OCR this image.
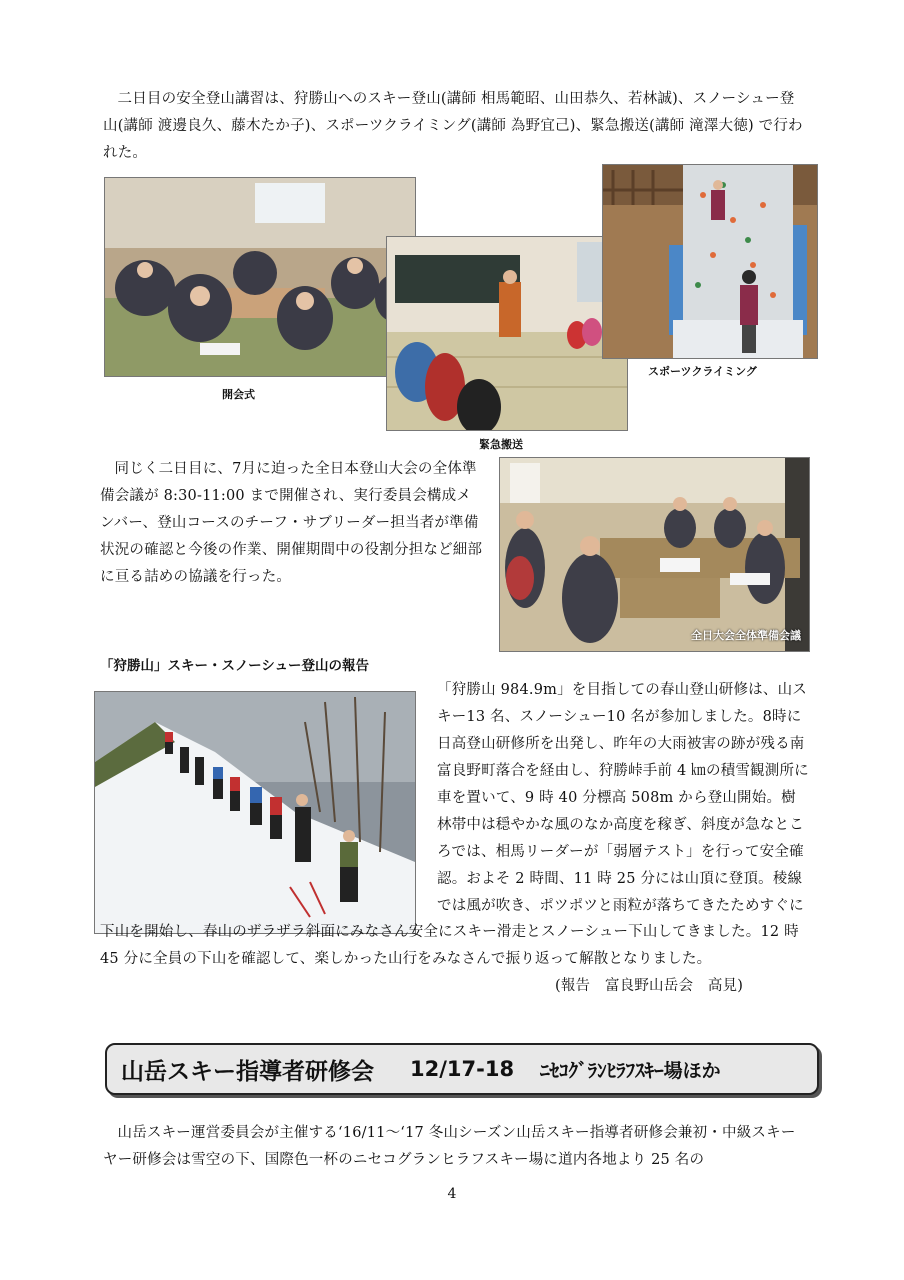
二日目の安全登山講習は、狩勝山へのスキー登山(講師 相馬範昭、山田恭久、若林誠)、スノーシュー登山(講師 渡邊良久、藤木たか子)、スポーツクライミング(講師 為野宜己)、緊急搬送(講師 滝澤大徳) で行われた。
開会式
緊急搬送
スポーツクライミング
同じく二日目に、7月に迫った全日本登山大会の全体準備会議が 8:30-11:00 まで開催され、実行委員会構成メンバー、登山コースのチーフ・サブリーダー担当者が準備状況の確認と今後の作業、開催期間中の役割分担など細部に亘る詰めの協議を行った。
全日大会全体準備会議
「狩勝山」スキー・スノーシュー登山の報告
「狩勝山 984.9m」を目指しての春山登山研修は、山スキー13 名、スノーシュー10 名が参加しました。8時に日高登山研修所を出発し、昨年の大雨被害の跡が残る南富良野町落合を経由し、狩勝峠手前 4 ㎞の積雪観測所に車を置いて、9 時 40 分標高 508m から登山開始。樹林帯中は穏やかな風のなか高度を稼ぎ、斜度が急なところでは、相馬リーダーが「弱層テスト」を行って安全確認。およそ 2 時間、11 時 25 分には山頂に登頂。稜線では風が吹き、ポツポツと雨粒が落ちてきたためすぐに
下山を開始し、春山のザラザラ斜面にみなさん安全にスキー滑走とスノーシュー下山してきました。12 時 45 分に全員の下山を確認して、楽しかった山行をみなさんで振り返って解散となりました。
(報告　富良野山岳会　高見)
山岳スキー指導者研修会 12/17-18 ﾆｾｺｸﾞﾗﾝﾋﾗﾌｽｷｰ場ほか
山岳スキー運営委員会が主催する‘16/11～‘17 冬山シーズン山岳スキー指導者研修会兼初・中級スキーヤー研修会は雪空の下、国際色一杯のニセコグランヒラフスキー場に道内各地より 25 名の
4
